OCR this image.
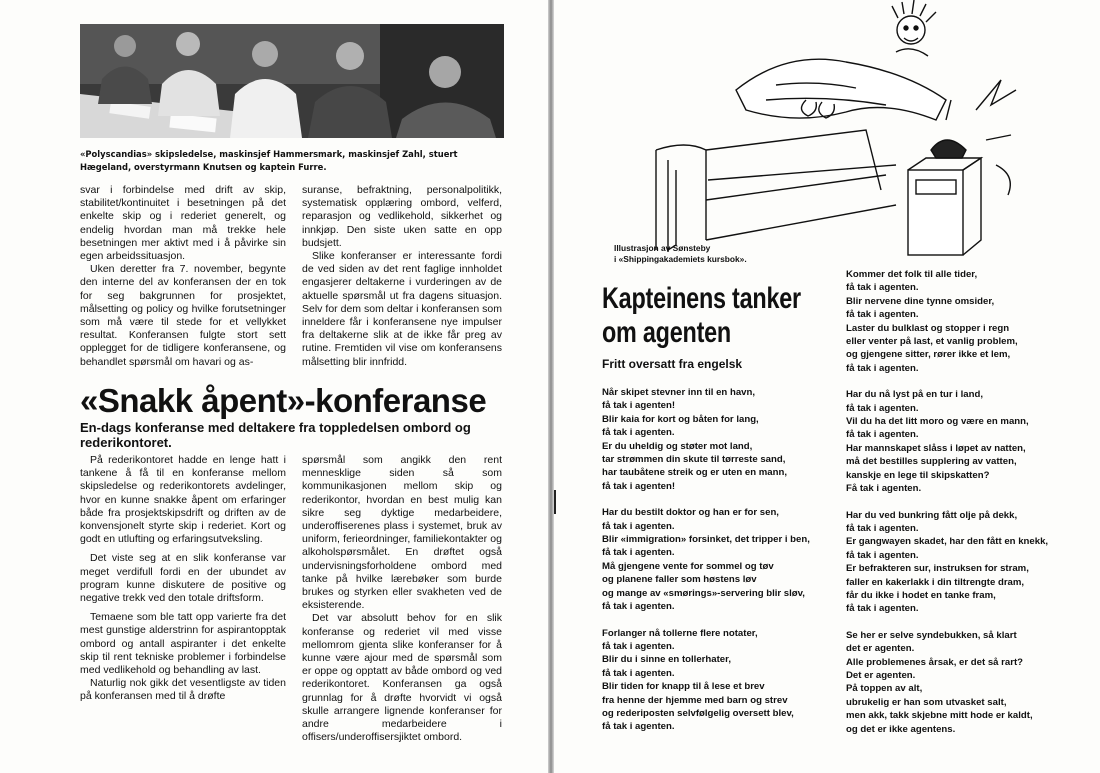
«Polyscandias» skipsledelse, maskinsjef Hammersmark, maskinsjef Zahl, stuert Hægeland, overstyrmann Knutsen og kaptein Furre.

svar i forbindelse med drift av skip, stabilitet/kontinuitet i besetningen på det enkelte skip og i rederiet generelt, og endelig hvordan man må trekke hele besetningen mer aktivt med i å påvirke sin egen arbeidssituasjon.

Uken deretter fra 7. november, begynte den interne del av konferansen der en tok for seg bakgrunnen for prosjektet, målsetting og policy og hvilke forutsetninger som må være til stede for et vellykket resultat. Konferansen fulgte stort sett opplegget for de tidligere konferansene, og behandlet spørsmål om havari og as-

suranse, befraktning, personalpolitikk, systematisk opplæring ombord, velferd, reparasjon og vedlikehold, sikkerhet og innkjøp. Den siste uken satte en opp budsjett.

Slike konferanser er interessante fordi de ved siden av det rent faglige innholdet engasjerer deltakerne i vurderingen av de aktuelle spørsmål ut fra dagens situasjon. Selv for dem som deltar i konferansen som inneldere får i konferansene nye impulser fra deltakerne slik at de ikke får preg av rutine. Fremtiden vil vise om konferansens målsetting blir innfridd.

«Snakk åpent»-konferanse
En-dags konferanse med deltakere fra toppledelsen ombord og rederikontoret.

På rederikontoret hadde en lenge hatt i tankene å få til en konferanse mellom skipsledelse og rederikontorets avdelinger, hvor en kunne snakke åpent om erfaringer både fra prosjektskipsdrift og driften av de konvensjonelt styrte skip i rederiet. Kort og godt en utlufting og erfaringsutveksling.

Det viste seg at en slik konferanse var meget verdifull fordi en der ubundet av program kunne diskutere de positive og negative trekk ved den totale driftsform.

Temaene som ble tatt opp varierte fra det mest gunstige alderstrinn for aspirantopptak ombord og antall aspiranter i det enkelte skip til rent tekniske problemer i forbindelse med vedlikehold og behandling av last.

Naturlig nok gikk det vesentligste av tiden på konferansen med til å drøfte

spørsmål som angikk den rent mennesklige siden så som kommunikasjonen mellom skip og rederikontor, hvordan en best mulig kan sikre seg dyktige medarbeidere, underoffiserenes plass i systemet, bruk av uniform, ferieordninger, familiekontakter og alkoholspørsmålet. En drøftet også undervisningsforholdene ombord med tanke på hvilke lærebøker som burde brukes og styrken eller svakheten ved de eksisterende.

Det var absolutt behov for en slik konferanse og rederiet vil med visse mellomrom gjenta slike konferanser for å kunne være ajour med de spørsmål som er oppe og opptatt av både ombord og ved rederikontoret. Konferansen ga også grunnlag for å drøfte hvorvidt vi også skulle arrangere lignende konferanser for andre medarbeidere i offisers/underoffisersjiktet ombord.

Illustrasjon av Sønsteby
i «Shippingakademiets kursbok».
Kapteinens tanker
om agenten
Fritt oversatt fra engelsk
Når skipet stevner inn til en havn,
få tak i agenten!
Blir kaia for kort og båten for lang,
få tak i agenten.
Er du uheldig og støter mot land,
tar strømmen din skute til tørreste sand,
har taubåtene streik og er uten en mann,
få tak i agenten!
Har du bestilt doktor og han er for sen,
få tak i agenten.
Blir «immigration» forsinket, det tripper i ben,
få tak i agenten.
Må gjengene vente for sommel og tøv
og planene faller som høstens løv
og mange av «smørings»-servering blir sløv,
få tak i agenten.
Forlanger nå tollerne flere notater,
få tak i agenten.
Blir du i sinne en tollerhater,
få tak i agenten.
Blir tiden for knapp til å lese et brev
fra henne der hjemme med barn og strev
og rederiposten selvfølgelig oversett blev,
få tak i agenten.
Kommer det folk til alle tider,
få tak i agenten.
Blir nervene dine tynne omsider,
få tak i agenten.
Laster du bulklast og stopper i regn
eller venter på last, et vanlig problem,
og gjengene sitter, rører ikke et lem,
få tak i agenten.
Har du nå lyst på en tur i land,
få tak i agenten.
Vil du ha det litt moro og være en mann,
få tak i agenten.
Har mannskapet slåss i løpet av natten,
må det bestilles supplering av vatten,
kanskje en lege til skipskatten?
Få tak i agenten.
Har du ved bunkring fått olje på dekk,
få tak i agenten.
Er gangwayen skadet, har den fått en knekk,
få tak i agenten.
Er befrakteren sur, instruksen for stram,
faller en kakerlakk i din tiltrengte dram,
får du ikke i hodet en tanke fram,
få tak i agenten.
Se her er selve syndebukken, så klart
det er agenten.
Alle problemenes årsak, er det så rart?
Det er agenten.
På toppen av alt,
ubrukelig er han som utvasket salt,
men akk, takk skjebne mitt hode er kaldt,
og det er ikke agentens.
